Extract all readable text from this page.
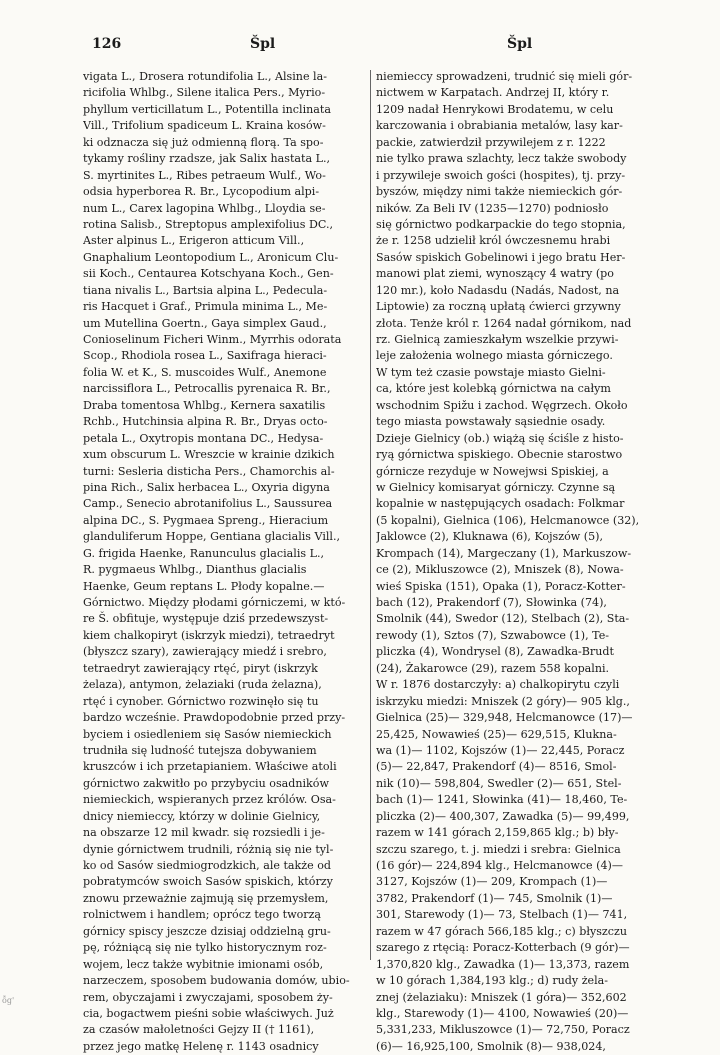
126	Špl	Špl
vigata L., Drosera rotundifolia L., Alsine la-
ricifolia Whlbg., Silene italica Pers., Myrio-
phyllum verticillatum L., Potentilla inclinata
Vill., Trifolium spadiceum L. Kraina kosów-
ki odznacza się już odmienną florą. Ta spo-
tykamy rośliny rzadsze, jak Salix hastata L.,
S. myrtinites L., Ribes petraeum Wulf., Wo-
odsia hyperborea R. Br., Lycopodium alpi-
num L., Carex lagopina Whlbg., Lloydia se-
rotina Salisb., Streptopus amplexifolius DC.,
Aster alpinus L., Erigeron atticum Vill.,
Gnaphalium Leontopodium L., Aronicum Clu-
sii Koch., Centaurea Kotschyana Koch., Gen-
tiana nivalis L., Bartsia alpina L., Pedecula-
ris Hacquet i Graf., Primula minima L., Me-
um Mutellina Goertn., Gaya simplex Gaud.,
Conioselinum Ficheri Winm., Myrrhis odorata
Scop., Rhodiola rosea L., Saxifraga hieraci-
folia W. et K., S. muscoides Wulf., Anemone
narcissiflora L., Petrocallis pyrenaica R. Br.,
Draba tomentosa Whlbg., Kernera saxatilis
Rchb., Hutchinsia alpina R. Br., Dryas octo-
petala L., Oxytropis montana DC., Hedysa-
xum obscurum L. Wreszcie w krainie dzikich
turni: Sesleria disticha Pers., Chamorchis al-
pina Rich., Salix herbacea L., Oxyria digyna
Camp., Senecio abrotanifolius L., Saussurea
alpina DC., S. Pygmaea Spreng., Hieracium
glanduliferum Hoppe, Gentiana glacialis Vill.,
G. frigida Haenke, Ranunculus glacialis L.,
R. pygmaeus Whlbg., Dianthus glacialis
Haenke, Geum reptans L. Płody kopalne.—
Górnictwo. Między płodami górniczemi, w któ-
re Š. obfituje, występuje dziś przedewszyst-
kiem chalkopiryt (iskrzyk miedzi), tetraedryt
(błyszcz szary), zawierający miedź i srebro,
tetraedryt zawierający rtęć, piryt (iskrzyk
żelaza), antymon, żelaziaki (ruda żelazna),
rtęć i cynober. Górnictwo rozwinęło się tu
bardzo wcześnie. Prawdopodobnie przed przy-
byciem i osiedleniem się Sasów niemieckich
trudniła się ludność tutejsza dobywaniem
kruszców i ich przetapianiem. Właściwe atoli
górnictwo zakwitło po przybyciu osadników
niemieckich, wspieranych przez królów. Osa-
dnicy niemieccy, którzy w dolinie Gielnicy,
na obszarze 12 mil kwadr. się rozsiedli i je-
dynie górnictwem trudnili, różnią się nie tyl-
ko od Sasów siedmiogrodzkich, ale także od
pobratymców swoich Sasów spiskich, którzy
znowu przeważnie zajmują się przemysłem,
rolnictwem i handlem; oprócz tego tworzą
górnicy spiscy jeszcze dzisiaj oddzielną gru-
pę, różniącą się nie tylko historycznym roz-
wojem, lecz także wybitnie imionami osób,
narzeczem, sposobem budowania domów, ubio-
rem, obyczajami i zwyczajami, sposobem ży-
cia, bogactwem pieśni sobie właściwych. Już
za czasów małoletności Gejzy II († 1161),
przez jego matkę Helenę r. 1143 osadnicy
niemieccy sprowadzeni, trudnić się mieli gór-
nictwem w Karpatach. Andrzej II, który r.
1209 nadał Henrykowi Brodatemu, w celu
karczowania i obrabiania metalów, lasy kar-
packie, zatwierdził przywilejem z r. 1222
nie tylko prawa szlachty, lecz także swobody
i przywileje swoich gości (hospites), tj. przy-
byszów, między nimi także niemieckich gór-
ników. Za Beli IV (1235—1270) podniosło
się górnictwo podkarpackie do tego stopnia,
że r. 1258 udzielił król ówczesnemu hrabi
Sasów spiskich Gobelinowi i jego bratu Her-
manowi plat ziemi, wynoszący 4 watry (po
120 mr.), koło Nadasdu (Nadás, Nadost, na
Liptowie) za roczną upłatą ćwierci grzywny
złota. Tenże król r. 1264 nadał górnikom, nad
rz. Gielnicą zamieszkałym wszelkie przywi-
leje założenia wolnego miasta górniczego.
W tym też czasie powstaje miasto Gielni-
ca, które jest kolebką górnictwa na całym
wschodnim Spižu i zachod. Węgrzech. Około
tego miasta powstawały sąsiednie osady.
Dzieje Gielnicy (ob.) wiążą się ściśle z histo-
ryą górnictwa spiskiego. Obecnie starostwo
górnicze rezyduje w Nowejwsi Spiskiej, a
w Gielnicy komisaryat górniczy. Czynne są
kopalnie w następujących osadach: Folkmar
(5 kopalni), Gielnica (106), Helcmanowce (32),
Jaklowce (2), Kluknawa (6), Kojszów (5),
Krompach (14), Margeczany (1), Markuszow-
ce (2), Mikluszowce (2), Mniszek (8), Nowa-
wieś Spiska (151), Opaka (1), Poracz-Kotter-
bach (12), Prakendorf (7), Słowinka (74),
Smolnik (44), Swedor (12), Stelbach (2), Sta-
rewody (1), Sztos (7), Szwabowce (1), Te-
pliczka (4), Wondrysel (8), Zawadka-Brudt
(24), Żakarowce (29), razem 558 kopalni.
W r. 1876 dostarczyły: a) chalkopirytu czyli
iskrzyku miedzi: Mniszek (2 góry)— 905 klg.,
Gielnica (25)— 329,948, Helcmanowce (17)—
25,425, Nowawieś (25)— 629,515, Kluknа-
wa (1)— 1102, Kojszów (1)— 22,445, Poracz
(5)— 22,847, Prakendorf (4)— 8516, Smol-
nik (10)— 598,804, Swedler (2)— 651, Stel-
bach (1)— 1241, Słowinka (41)— 18,460, Te-
pliczka (2)— 400,307, Zawadka (5)— 99,499,
razem w 141 górach 2,159,865 klg.; b) bły-
szczu szarego, t. j. miedzi i srebra: Gielnica
(16 gór)— 224,894 klg., Helcmanowce (4)—
3127, Kojszów (1)— 209, Krompach (1)—
3782, Prakendorf (1)— 745, Smolnik (1)—
301, Starewody (1)— 73, Stelbach (1)— 741,
razem w 47 górach 566,185 klg.; c) błyszczu
szarego z rtęcią: Poracz-Kotterbach (9 gór)—
1,370,820 klg., Zawadka (1)— 13,373, razem
w 10 górach 1,384,193 klg.; d) rudy żela-
znej (żelaziaku): Mniszek (1 góra)— 352,602
klg., Starewody (1)— 4100, Nowawieś (20)—
5,331,233, Mikluszowce (1)— 72,750, Poracz
(6)— 16,925,100, Smolnik (8)— 938,024,
ỗg'
